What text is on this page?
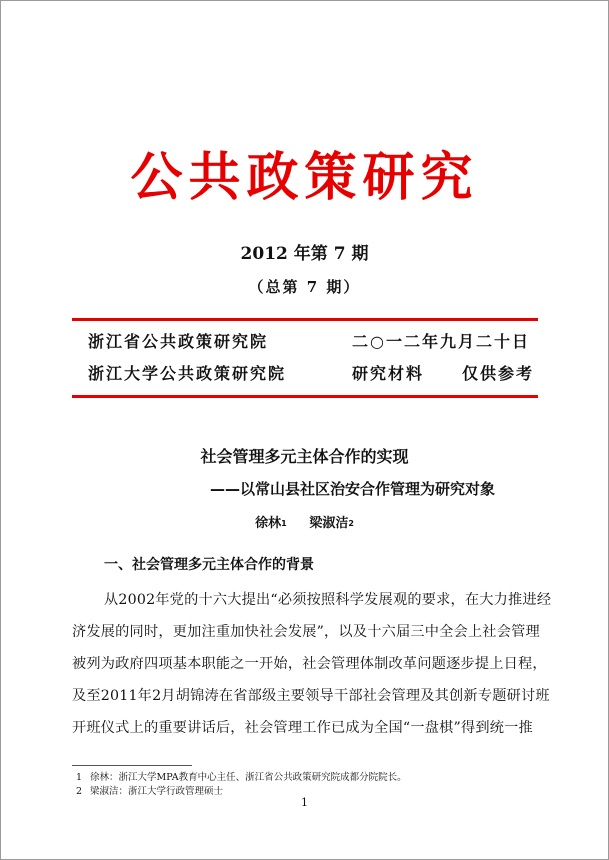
公共政策研究
2012 年第 7 期
（总第 7 期）
浙江省公共政策研究院	二○一二年九月二十日
浙江大学公共政策研究院	研究材料 仅供参考
社会管理多元主体合作的实现
——以常山县社区治安合作管理为研究对象
徐林$^1$ 梁淑洁$^2$
一、社会管理多元主体合作的背景
从2002年党的十六大提出“必须按照科学发展观的要求，在大力推进经
济发展的同时，更加注重加快社会发展”，以及十六届三中全会上社会管理
被列为政府四项基本职能之一开始，社会管理体制改革问题逐步提上日程，
及至2011年2月胡锦涛在省部级主要领导干部社会管理及其创新专题研讨班
开班仪式上的重要讲话后，社会管理工作已成为全国“一盘棋”得到统一推
1 徐林：浙江大学MPA教育中心主任、浙江省公共政策研究院成都分院院长。
2 梁淑洁：浙江大学行政管理硕士
1
